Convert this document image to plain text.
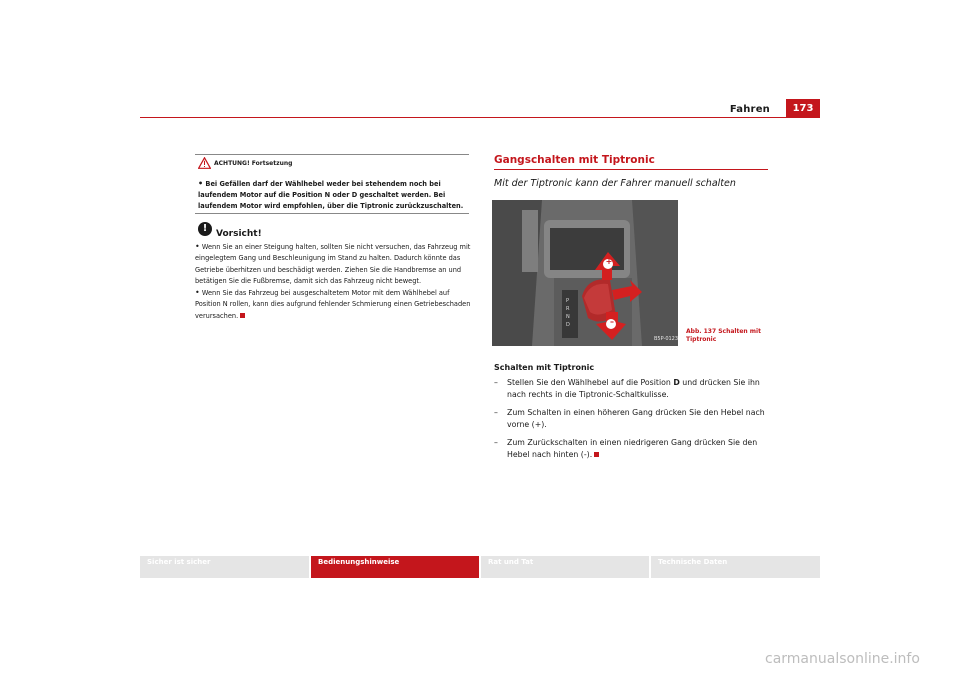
Fahren	173
ACHTUNG! Fortsetzung
• Bei Gefällen darf der Wählhebel weder bei stehendem noch bei laufendem Motor auf die Position N oder D geschaltet werden. Bei laufendem Motor wird empfohlen, über die Tiptronic zurückzuschalten.
! Vorsicht!
• Wenn Sie an einer Steigung halten, sollten Sie nicht versuchen, das Fahrzeug mit eingelegtem Gang und Beschleunigung im Stand zu halten. Dadurch könnte das Getriebe überhitzen und beschädigt werden. Ziehen Sie die Handbremse an und betätigen Sie die Fußbremse, damit sich das Fahrzeug nicht bewegt.
• Wenn Sie das Fahrzeug bei ausgeschaltetem Motor mit dem Wählhebel auf Position N rollen, kann dies aufgrund fehlender Schmierung einen Getriebeschaden verursachen.
Gangschalten mit Tiptronic
Mit der Tiptronic kann der Fahrer manuell schalten
P
R
N
D
+
–
B5P-0123
Abb. 137 Schalten mit Tiptronic
Schalten mit Tiptronic
– Stellen Sie den Wählhebel auf die Position D und drücken Sie ihn nach rechts in die Tiptronic-Schaltkulisse.
– Zum Schalten in einen höheren Gang drücken Sie den Hebel nach vorne (+).
– Zum Zurückschalten in einen niedrigeren Gang drücken Sie den Hebel nach hinten (-).
Sicher ist sicher	Bedienungshinweise	Rat und Tat	Technische Daten
carmanualsonline.info
